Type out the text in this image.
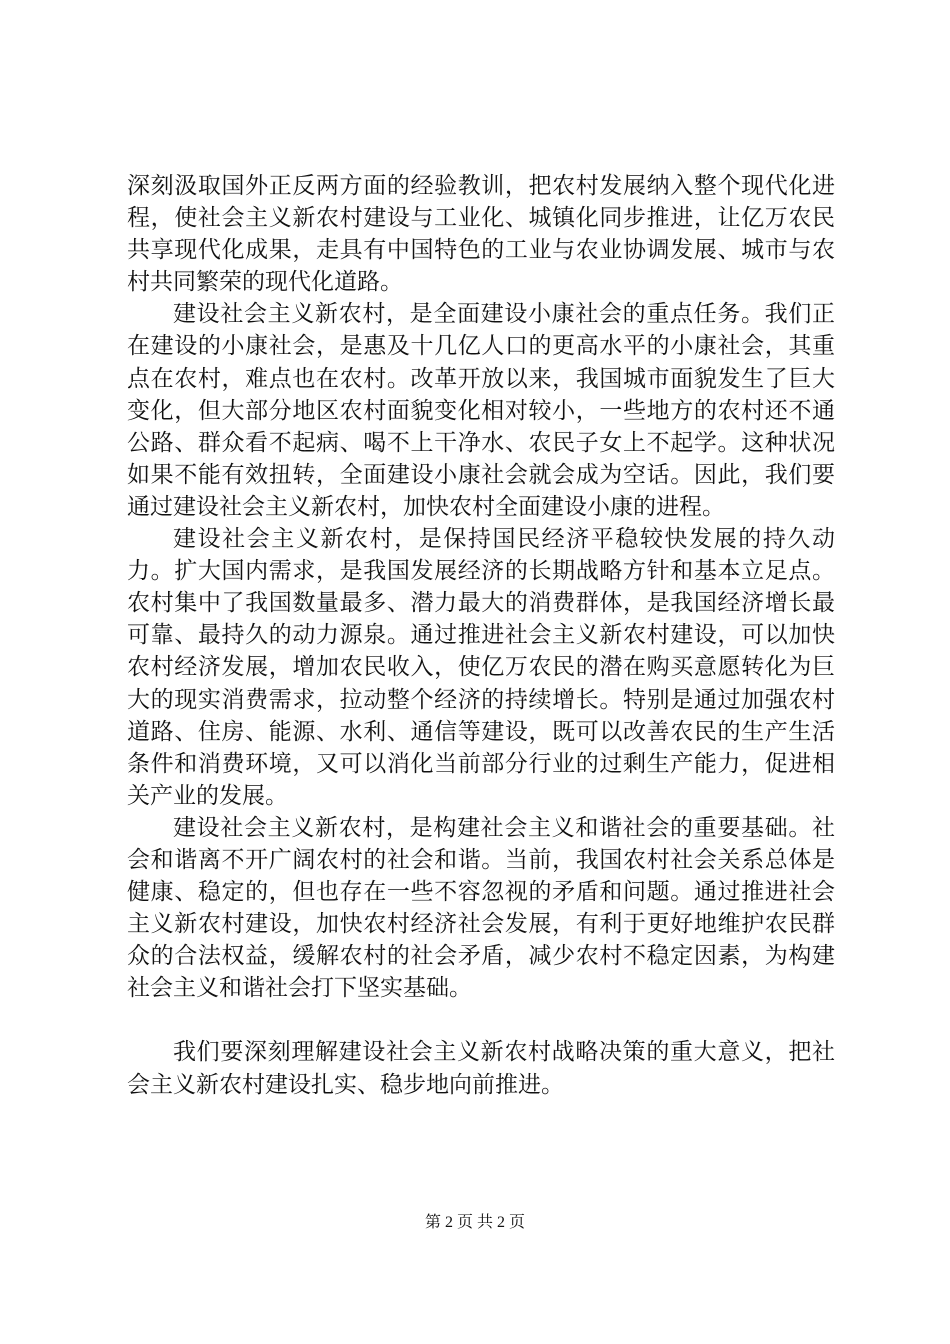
深刻汲取国外正反两方面的经验教训，把农村发展纳入整个现代化进程，使社会主义新农村建设与工业化、城镇化同步推进，让亿万农民共享现代化成果，走具有中国特色的工业与农业协调发展、城市与农村共同繁荣的现代化道路。

建设社会主义新农村，是全面建设小康社会的重点任务。我们正在建设的小康社会，是惠及十几亿人口的更高水平的小康社会，其重点在农村，难点也在农村。改革开放以来，我国城市面貌发生了巨大变化，但大部分地区农村面貌变化相对较小，一些地方的农村还不通公路、群众看不起病、喝不上干净水、农民子女上不起学。这种状况如果不能有效扭转，全面建设小康社会就会成为空话。因此，我们要通过建设社会主义新农村，加快农村全面建设小康的进程。

建设社会主义新农村，是保持国民经济平稳较快发展的持久动力。扩大国内需求，是我国发展经济的长期战略方针和基本立足点。农村集中了我国数量最多、潜力最大的消费群体，是我国经济增长最可靠、最持久的动力源泉。通过推进社会主义新农村建设，可以加快农村经济发展，增加农民收入，使亿万农民的潜在购买意愿转化为巨大的现实消费需求，拉动整个经济的持续增长。特别是通过加强农村道路、住房、能源、水利、通信等建设，既可以改善农民的生产生活条件和消费环境，又可以消化当前部分行业的过剩生产能力，促进相关产业的发展。

建设社会主义新农村，是构建社会主义和谐社会的重要基础。社会和谐离不开广阔农村的社会和谐。当前，我国农村社会关系总体是健康、稳定的，但也存在一些不容忽视的矛盾和问题。通过推进社会主义新农村建设，加快农村经济社会发展，有利于更好地维护农民群众的合法权益，缓解农村的社会矛盾，减少农村不稳定因素，为构建社会主义和谐社会打下坚实基础。

我们要深刻理解建设社会主义新农村战略决策的重大意义，把社会主义新农村建设扎实、稳步地向前推进。

第 2 页 共 2 页
